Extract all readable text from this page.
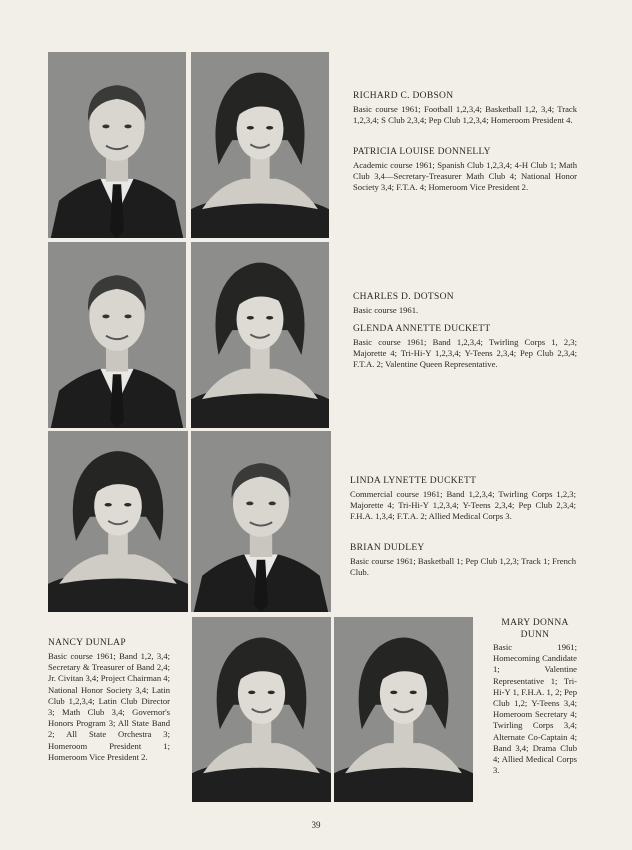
RICHARD C. DOBSON

Basic course 1961; Football 1,2,3,4; Basketball 1,2, 3,4; Track 1,2,3,4; S Club 2,3,4; Pep Club 1,2,3,4; Homeroom President 4.

PATRICIA LOUISE DONNELLY

Academic course 1961; Spanish Club 1,2,3,4; 4-H Club 1; Math Club 3,4—Secretary-Treasurer Math Club 4; National Honor Society 3,4; F.T.A. 4; Homeroom Vice President 2.

CHARLES D. DOTSON

Basic course 1961.

GLENDA ANNETTE DUCKETT

Basic course 1961; Band 1,2,3,4; Twirling Corps 1, 2,3; Majorette 4; Tri-Hi-Y 1,2,3,4; Y-Teens 2,3,4; Pep Club 2,3,4; F.T.A. 2; Valentine Queen Representative.

LINDA LYNETTE DUCKETT

Commercial course 1961; Band 1,2,3,4; Twirling Corps 1,2,3; Majorette 4; Tri-Hi-Y 1,2,3,4; Y-Teens 2,3,4; Pep Club 2,3,4; F.H.A. 1,3,4; F.T.A. 2; Allied Medical Corps 3.

BRIAN DUDLEY

Basic course 1961; Basketball 1; Pep Club 1,2,3; Track 1; French Club.

NANCY DUNLAP

Basic course 1961; Band 1,2, 3,4; Secretary & Treasurer of Band 2,4; Jr. Civitan 3,4; Project Chairman 4; National Honor Society 3,4; Latin Club 1,2,3,4; Latin Club Director 3; Math Club 3,4; Governor's Honors Program 3; All State Band 2; All State Orchestra 3; Homeroom President 1; Homeroom Vice President 2.

MARY DONNA
DUNN

Basic 1961; Homecoming Candidate 1; Valentine Representative 1; Tri-Hi-Y 1, F.H.A. 1, 2; Pep Club 1,2; Y-Teens 3,4; Homeroom Secretary 4; Twirling Corps 3,4; Alternate Co-Captain 4; Band 3,4; Drama Club 4; Allied Medical Corps 3.

39
